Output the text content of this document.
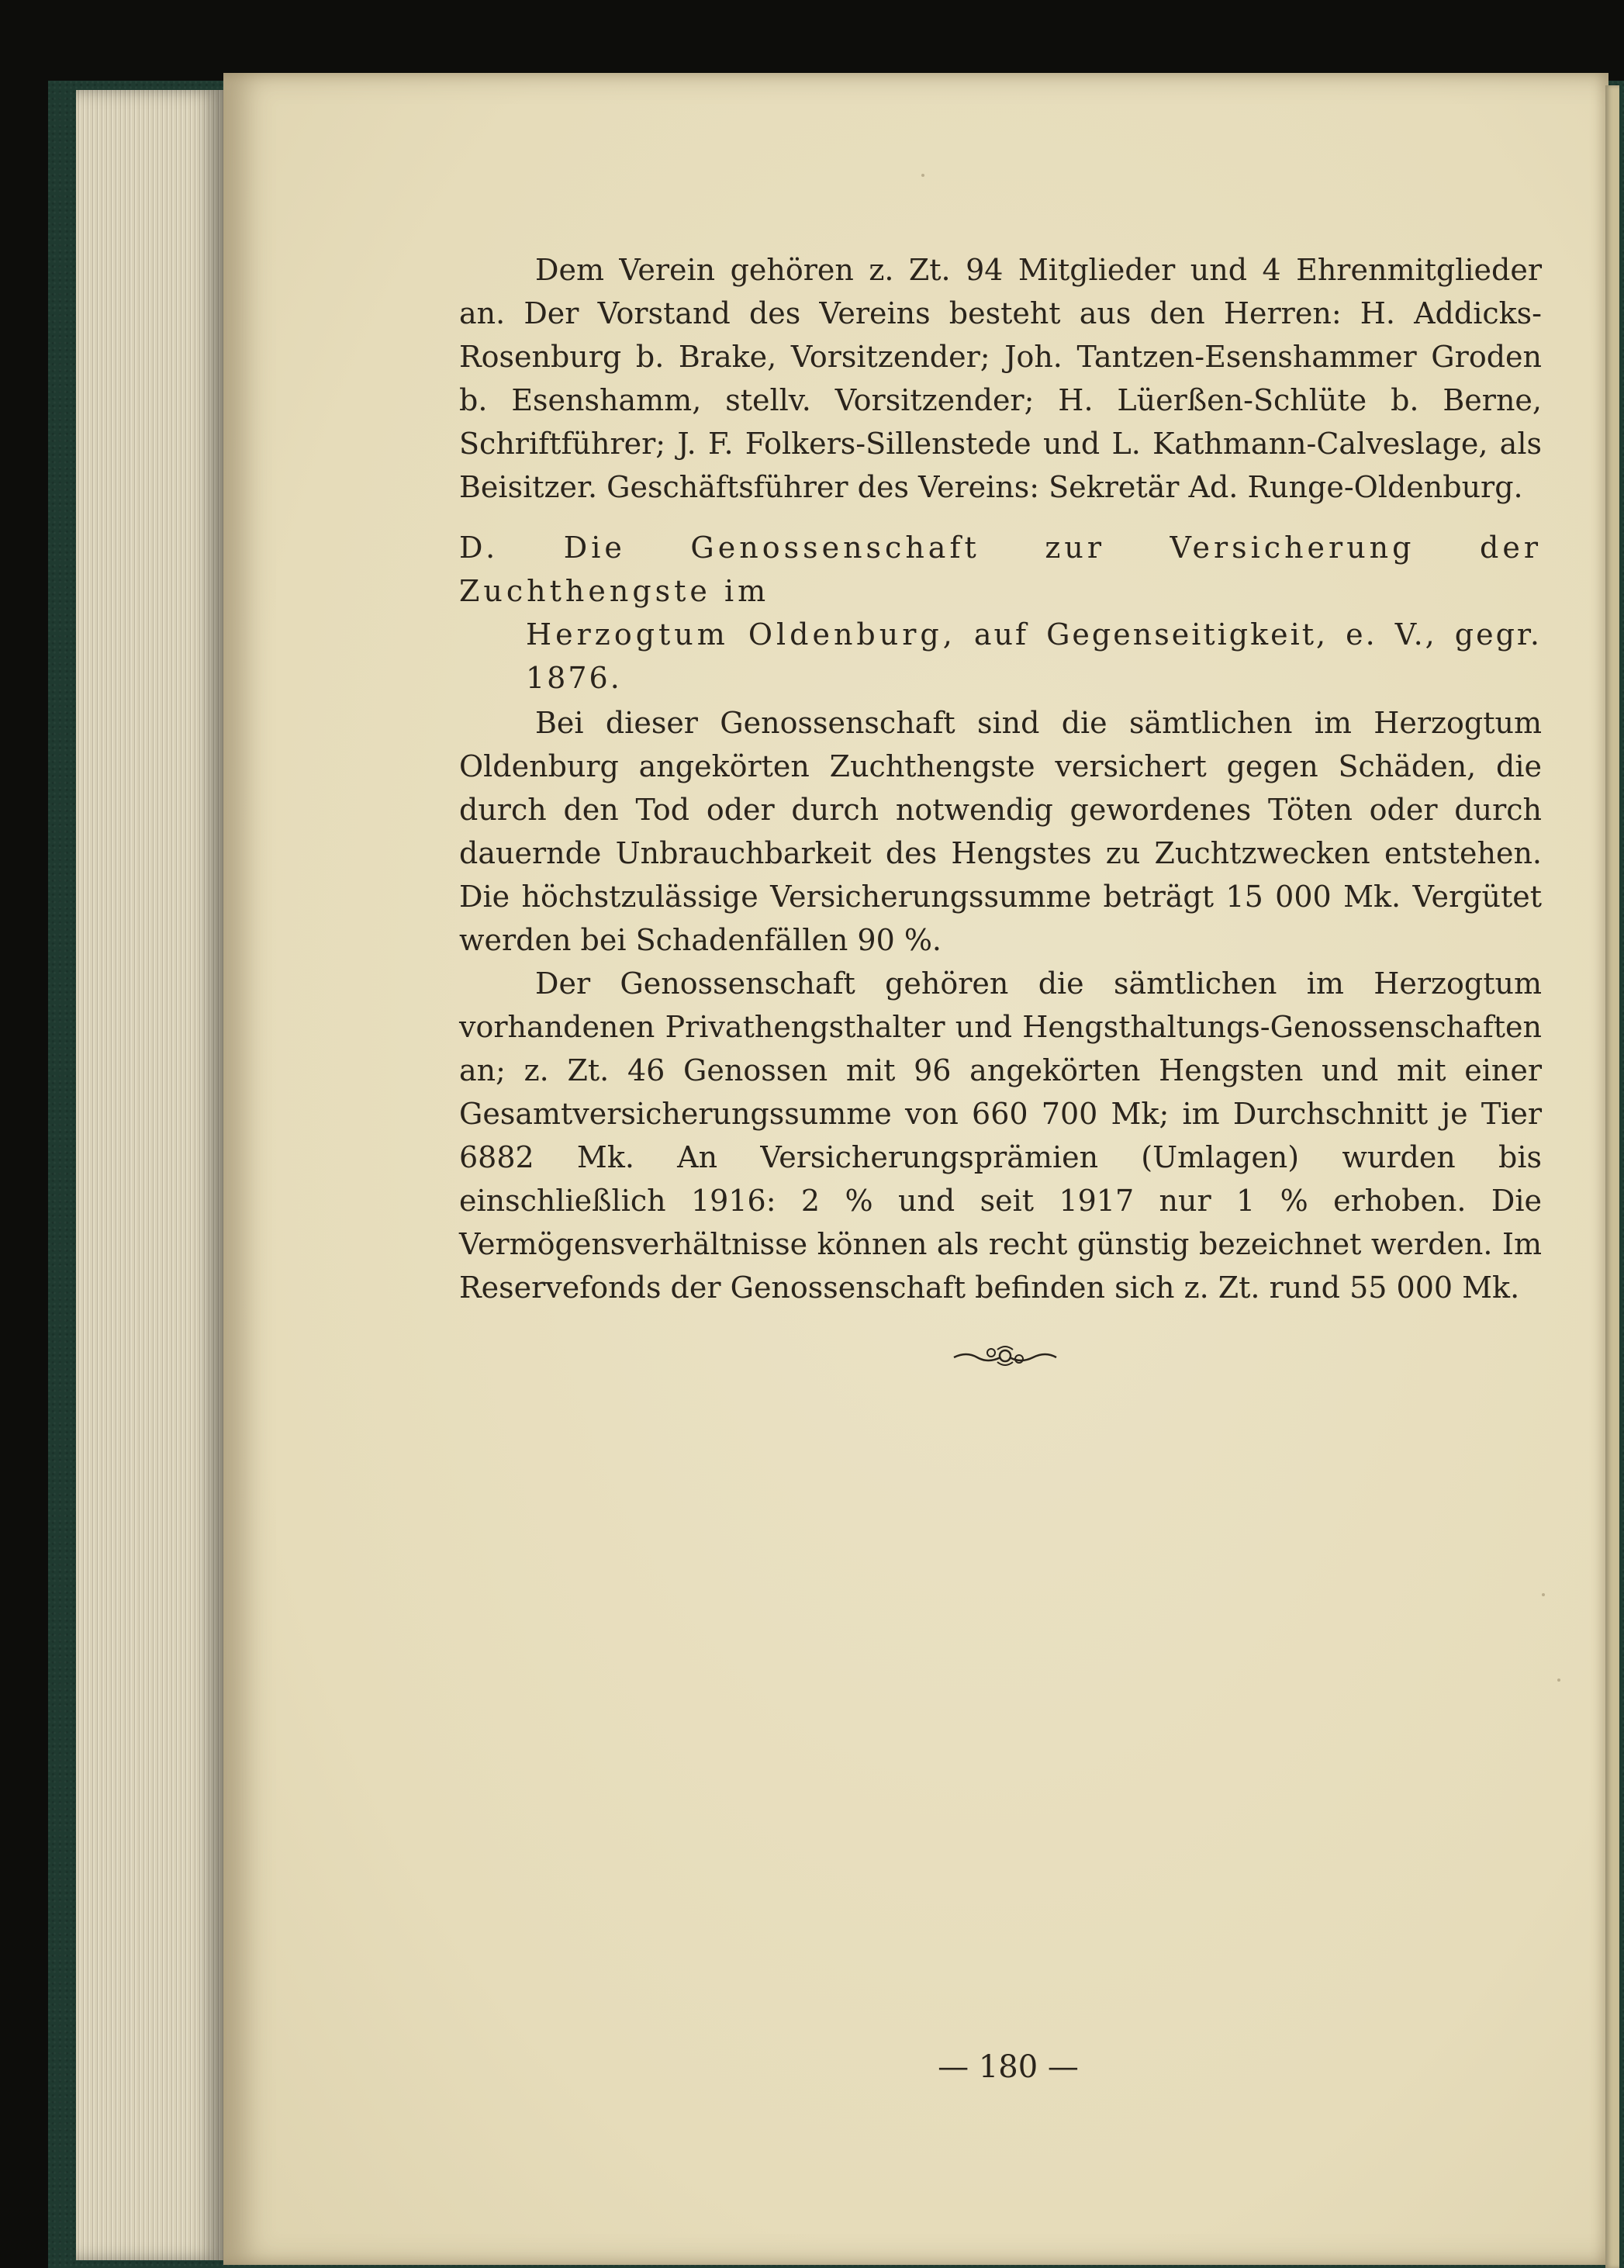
Dem Verein gehören z. Zt. 94 Mitglieder und 4 Ehrenmitglieder an. Der Vorstand des Vereins besteht aus den Herren: H. Addicks-Rosenburg b. Brake, Vorsitzender; Joh. Tantzen-Esenshammer Groden b. Esenshamm, stellv. Vorsitzender; H. Lüerßen-Schlüte b. Berne, Schriftführer; J. F. Folkers-Sillenstede und L. Kathmann-Calveslage, als Beisitzer. Geschäftsführer des Vereins: Sekretär Ad. Runge-Oldenburg.

D. Die Genossenschaft zur Versicherung der Zuchthengste im

Herzogtum Oldenburg, auf Gegenseitigkeit, e. V., gegr. 1876.

Bei dieser Genossenschaft sind die sämtlichen im Herzogtum Oldenburg angekörten Zuchthengste versichert gegen Schäden, die durch den Tod oder durch notwendig gewordenes Töten oder durch dauernde Unbrauchbarkeit des Hengstes zu Zuchtzwecken entstehen. Die höchstzulässige Versicherungssumme beträgt 15 000 Mk. Vergütet werden bei Schadenfällen 90 %.

Der Genossenschaft gehören die sämtlichen im Herzogtum vorhandenen Privathengsthalter und Hengsthaltungs-Genossenschaften an; z. Zt. 46 Genossen mit 96 angekörten Hengsten und mit einer Gesamtversicherungssumme von 660 700 Mk; im Durchschnitt je Tier 6882 Mk. An Versicherungsprämien (Umlagen) wurden bis einschließlich 1916: 2 % und seit 1917 nur 1 % erhoben. Die Vermögensverhältnisse können als recht günstig bezeichnet werden. Im Reservefonds der Genossenschaft befinden sich z. Zt. rund 55 000 Mk.

— 180 —
